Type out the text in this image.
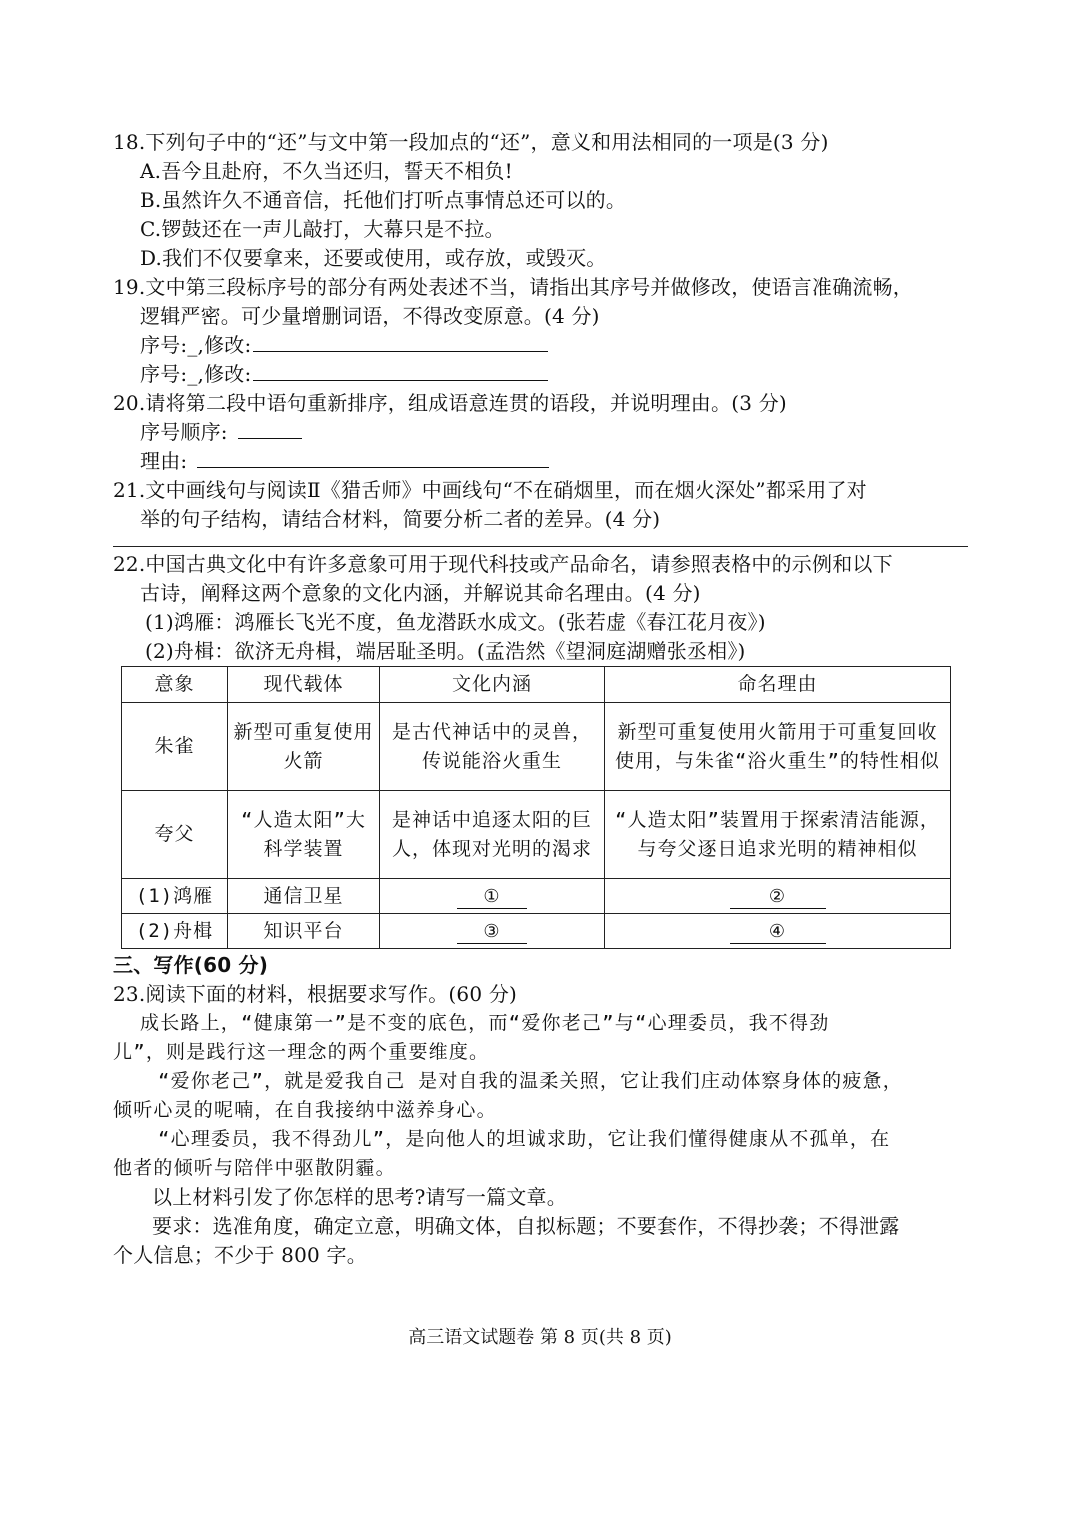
18.下列句子中的“还”与文中第一段加点的“还”，意义和用法相同的一项是(3 分)
A.吾今且赴府，不久当还归，誓天不相负!
B.虽然许久不通音信，托他们打听点事情总还可以的。
C.锣鼓还在一声儿敲打，大幕只是不拉。
D.我们不仅要拿来，还要或使用，或存放，或毁灭。
19.文中第三段标序号的部分有两处表述不当，请指出其序号并做修改，使语言准确流畅，
逻辑严密。可少量增删词语，不得改变原意。(4 分)
序号:_,修改:
序号:_,修改:
20.请将第二段中语句重新排序，组成语意连贯的语段，并说明理由。(3 分)
序号顺序:
理由:
21.文中画线句与阅读Ⅱ《猎舌师》中画线句“不在硝烟里，而在烟火深处”都采用了对
举的句子结构，请结合材料，简要分析二者的差异。(4 分)
22.中国古典文化中有许多意象可用于现代科技或产品命名，请参照表格中的示例和以下
古诗，阐释这两个意象的文化内涵，并解说其命名理由。(4 分)
(1)鸿雁：鸿雁长飞光不度，鱼龙潜跃水成文。(张若虚《春江花月夜》)
(2)舟楫：欲济无舟楫，端居耻圣明。(孟浩然《望洞庭湖赠张丞相》)
意象	现代载体	文化内涵	命名理由
朱雀	新型可重复使用火箭	是古代神话中的灵兽，传说能浴火重生	新型可重复使用火箭用于可重复回收使用，与朱雀“浴火重生”的特性相似
夸父	“人造太阳”大科学装置	是神话中追逐太阳的巨人，体现对光明的渴求	“人造太阳”装置用于探索清洁能源，与夸父逐日追求光明的精神相似
(1)鸿雁	通信卫星	①	②
(2)舟楫	知识平台	③	④
三、写作(60 分)
23.阅读下面的材料，根据要求写作。(60 分)
成长路上，“健康第一”是不变的底色，而“爱你老己”与“心理委员，我不得劲
儿”，则是践行这一理念的两个重要维度。
“爱你老己”，就是爱我自己 是对自我的温柔关照，它让我们庄动体察身体的疲惫，
倾听心灵的呢喃，在自我接纳中滋养身心。
“心理委员，我不得劲儿”，是向他人的坦诚求助，它让我们懂得健康从不孤单，在
他者的倾听与陪伴中驱散阴霾。
以上材料引发了你怎样的思考?请写一篇文章。
要求：选准角度，确定立意，明确文体，自拟标题；不要套作，不得抄袭；不得泄露
个人信息；不少于 800 字。
高三语文试题卷 第 8 页(共 8 页)
